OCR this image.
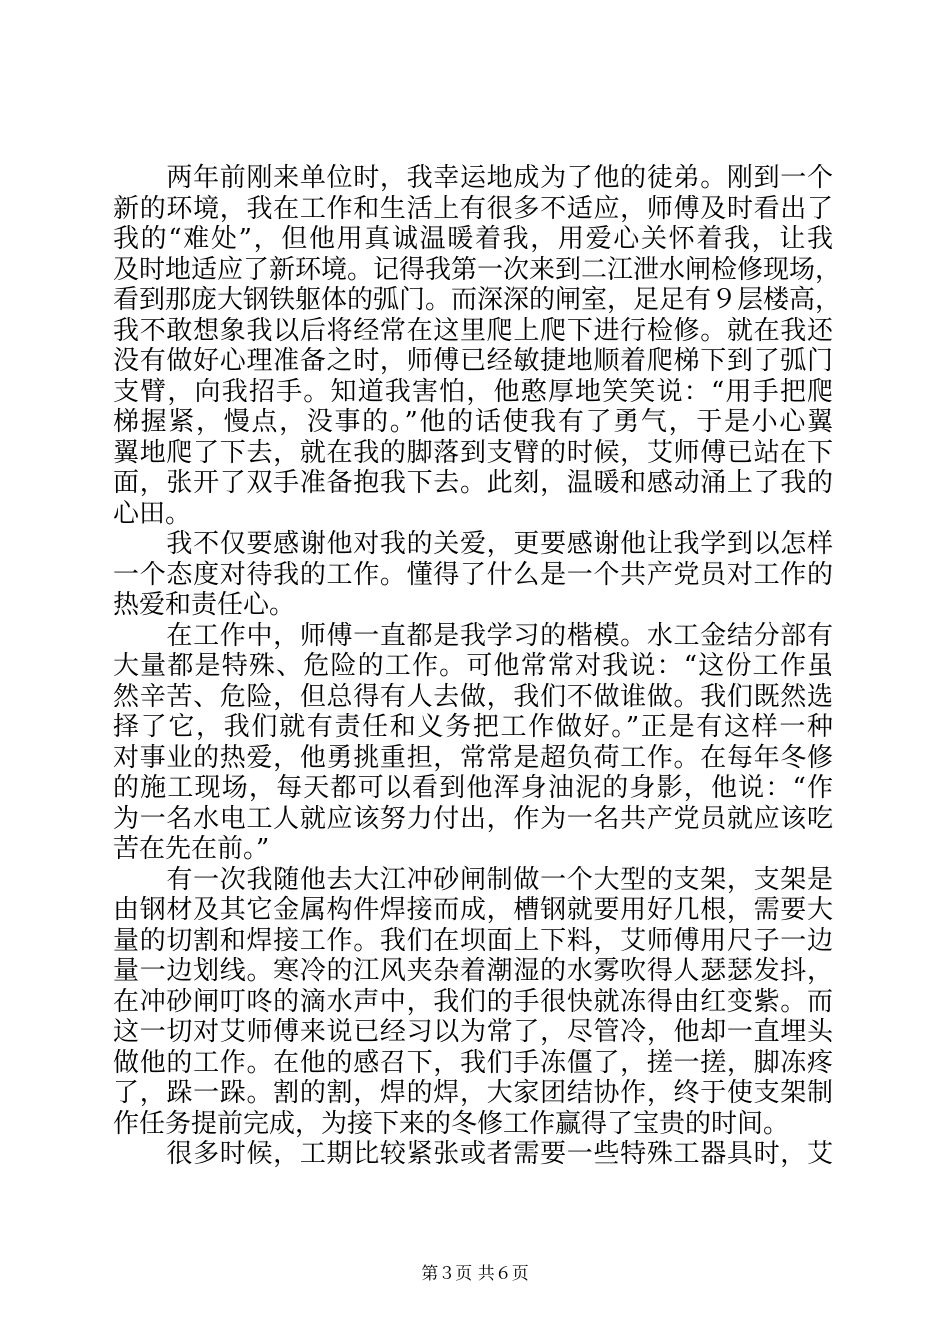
　　两年前刚来单位时，我幸运地成为了他的徒弟。刚到一个
新的环境，我在工作和生活上有很多不适应，师傅及时看出了
我的“难处”，但他用真诚温暖着我，用爱心关怀着我，让我
及时地适应了新环境。记得我第一次来到二江泄水闸检修现场，
看到那庞大钢铁躯体的弧门。而深深的闸室，足足有９层楼高，
我不敢想象我以后将经常在这里爬上爬下进行检修。就在我还
没有做好心理准备之时，师傅已经敏捷地顺着爬梯下到了弧门
支臂，向我招手。知道我害怕，他憨厚地笑笑说：“用手把爬
梯握紧，慢点，没事的。”他的话使我有了勇气，于是小心翼
翼地爬了下去，就在我的脚落到支臂的时候，艾师傅已站在下
面，张开了双手准备抱我下去。此刻，温暖和感动涌上了我的
心田。
　　我不仅要感谢他对我的关爱，更要感谢他让我学到以怎样
一个态度对待我的工作。懂得了什么是一个共产党员对工作的
热爱和责任心。
　　在工作中，师傅一直都是我学习的楷模。水工金结分部有
大量都是特殊、危险的工作。可他常常对我说：“这份工作虽
然辛苦、危险，但总得有人去做，我们不做谁做。我们既然选
择了它，我们就有责任和义务把工作做好。”正是有这样一种
对事业的热爱，他勇挑重担，常常是超负荷工作。在每年冬修
的施工现场，每天都可以看到他浑身油泥的身影，他说：“作
为一名水电工人就应该努力付出，作为一名共产党员就应该吃
苦在先在前。”
　　有一次我随他去大江冲砂闸制做一个大型的支架，支架是
由钢材及其它金属构件焊接而成，槽钢就要用好几根，需要大
量的切割和焊接工作。我们在坝面上下料，艾师傅用尺子一边
量一边划线。寒冷的江风夹杂着潮湿的水雾吹得人瑟瑟发抖，
在冲砂闸叮咚的滴水声中，我们的手很快就冻得由红变紫。而
这一切对艾师傅来说已经习以为常了，尽管冷，他却一直埋头
做他的工作。在他的感召下，我们手冻僵了，搓一搓，脚冻疼
了，跺一跺。割的割，焊的焊，大家团结协作，终于使支架制
作任务提前完成，为接下来的冬修工作赢得了宝贵的时间。
　　很多时候，工期比较紧张或者需要一些特殊工器具时，艾
第３页 共６页
